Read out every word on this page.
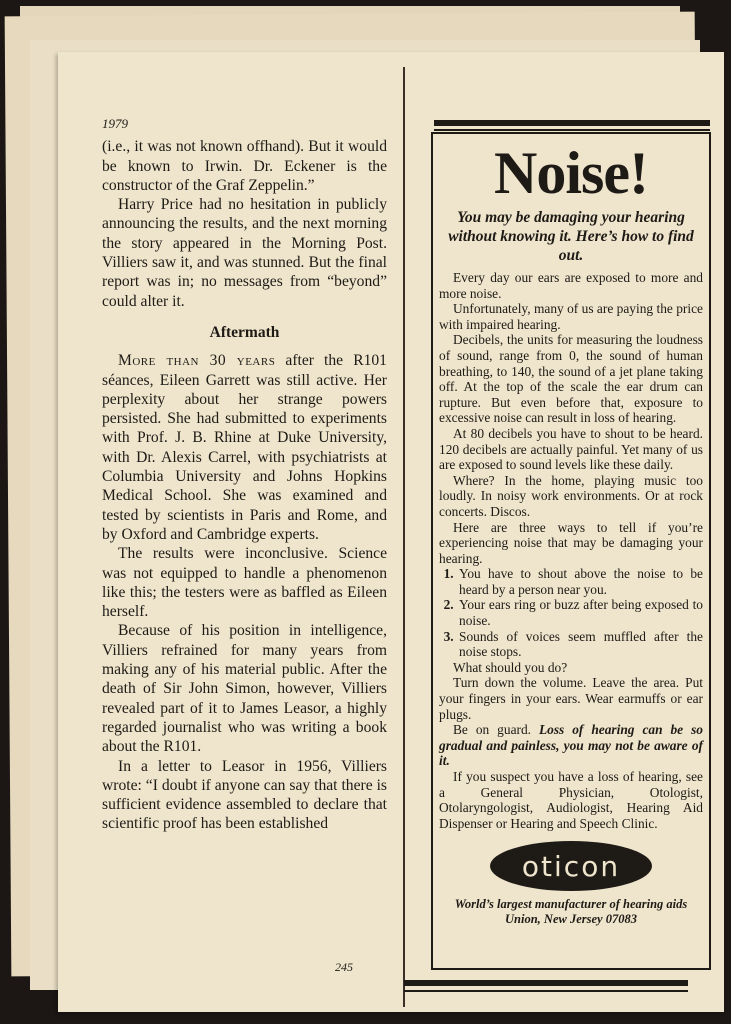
1979

(i.e., it was not known offhand). But it would be known to Irwin. Dr. Eckener is the constructor of the Graf Zeppelin.”

Harry Price had no hesitation in publicly announcing the results, and the next morning the story appeared in the Morning Post. Villiers saw it, and was stunned. But the final report was in; no messages from “beyond” could alter it.

Aftermath

More than 30 years after the R101 séances, Eileen Garrett was still active. Her perplexity about her strange powers persisted. She had submitted to experiments with Prof. J. B. Rhine at Duke University, with Dr. Alexis Carrel, with psychiatrists at Columbia University and Johns Hopkins Medical School. She was examined and tested by scientists in Paris and Rome, and by Oxford and Cambridge experts.

The results were inconclusive. Science was not equipped to handle a phenomenon like this; the testers were as baffled as Eileen herself.

Because of his position in intelligence, Villiers refrained for many years from making any of his material public. After the death of Sir John Simon, however, Villiers revealed part of it to James Leasor, a highly regarded journalist who was writing a book about the R101.

In a letter to Leasor in 1956, Villiers wrote: “I doubt if anyone can say that there is sufficient evidence assembled to declare that scientific proof has been established

245
Noise!
You may be damaging your hearing without knowing it. Here’s how to find out.

Every day our ears are exposed to more and more noise.

Unfortunately, many of us are paying the price with impaired hearing.

Decibels, the units for measuring the loudness of sound, range from 0, the sound of human breathing, to 140, the sound of a jet plane taking off. At the top of the scale the ear drum can rupture. But even before that, exposure to excessive noise can result in loss of hearing.

At 80 decibels you have to shout to be heard. 120 decibels are actually painful. Yet many of us are exposed to sound levels like these daily.

Where? In the home, playing music too loudly. In noisy work environments. Or at rock concerts. Discos.

Here are three ways to tell if you’re experiencing noise that may be damaging your hearing.

1. You have to shout above the noise to be heard by a person near you.
2. Your ears ring or buzz after being exposed to noise.
3. Sounds of voices seem muffled after the noise stops.

What should you do?

Turn down the volume. Leave the area. Put your fingers in your ears. Wear earmuffs or ear plugs.

Be on guard. Loss of hearing can be so gradual and painless, you may not be aware of it.

If you suspect you have a loss of hearing, see a General Physician, Otologist, Otolaryngologist, Audiologist, Hearing Aid Dispenser or Hearing and Speech Clinic.

oticon
World’s largest manufacturer of hearing aids
Union, New Jersey 07083
